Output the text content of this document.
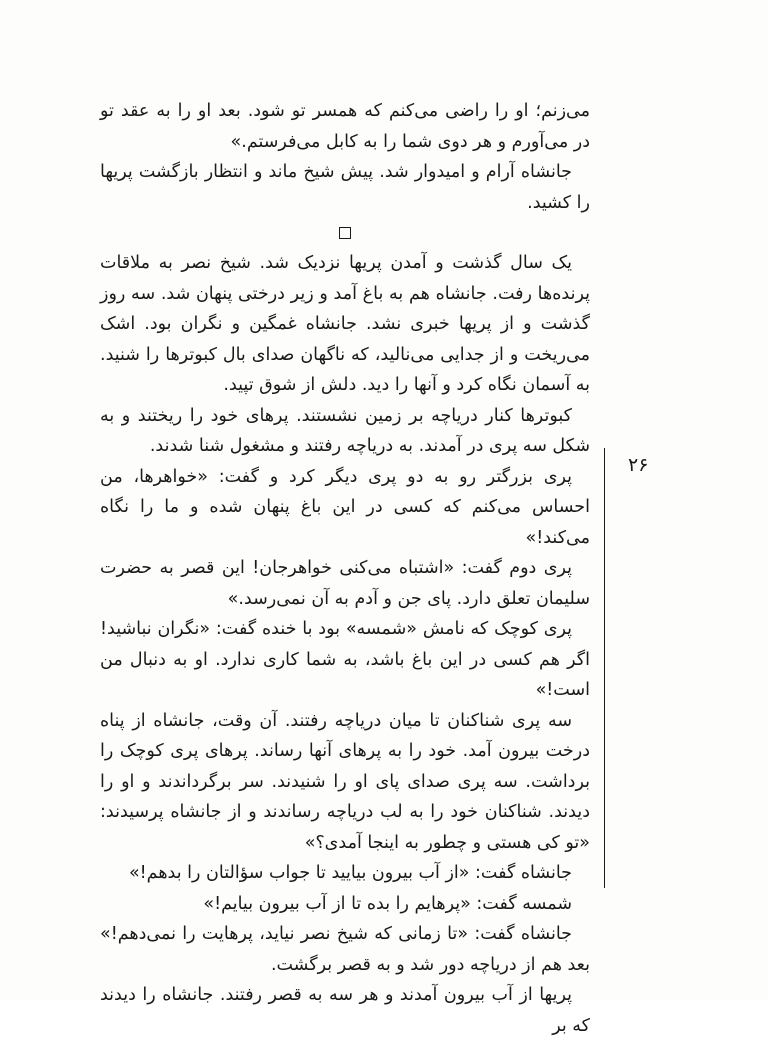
می‌زنم؛ او را راضی می‌کنم که همسر تو شود. بعد او را به عقد تو در می‌آورم و هر دوی شما را به کابل می‌فرستم.»

جانشاه آرام و امیدوار شد. پیش شیخ ماند و انتظار بازگشت پریها را کشید.

یک سال گذشت و آمدن پریها نزدیک شد. شیخ نصر به ملاقات پرنده‌ها رفت. جانشاه هم به باغ آمد و زیر درختی پنهان شد. سه روز گذشت و از پریها خبری نشد. جانشاه غمگین و نگران بود. اشک می‌ریخت و از جدایی می‌نالید، که ناگهان صدای بال کبوترها را شنید. به آسمان نگاه کرد و آنها را دید. دلش از شوق تپید.

کبوترها کنار دریاچه بر زمین نشستند. پرهای خود را ریختند و به شکل سه پری در آمدند. به دریاچه رفتند و مشغول شنا شدند.

پری بزرگتر رو به دو پری دیگر کرد و گفت: «خواهرها، من احساس می‌کنم که کسی در این باغ پنهان شده و ما را نگاه می‌کند!»

پری دوم گفت: «اشتباه می‌کنی خواهرجان! این قصر به حضرت سلیمان تعلق دارد. پای جن و آدم به آن نمی‌رسد.»

پری کوچک که نامش «شمسه» بود با خنده گفت: «نگران نباشید! اگر هم کسی در این باغ باشد، به شما کاری ندارد. او به دنبال من است!»

سه پری شناکنان تا میان دریاچه رفتند. آن وقت، جانشاه از پناه درخت بیرون آمد. خود را به پرهای آنها رساند. پرهای پری کوچک را برداشت. سه پری صدای پای او را شنیدند. سر برگرداندند و او را دیدند. شناکنان خود را به لب دریاچه رساندند و از جانشاه پرسیدند: «تو کی هستی و چطور به اینجا آمدی؟»

جانشاه گفت: «از آب بیرون بیایید تا جواب سؤالتان را بدهم!»

شمسه گفت: «پرهایم را بده تا از آب بیرون بیایم!»

جانشاه گفت: «تا زمانی که شیخ نصر نیاید، پرهایت را نمی‌دهم!» بعد هم از دریاچه دور شد و به قصر برگشت.

پریها از آب بیرون آمدند و هر سه به قصر رفتند. جانشاه را دیدند که بر

۲۶
